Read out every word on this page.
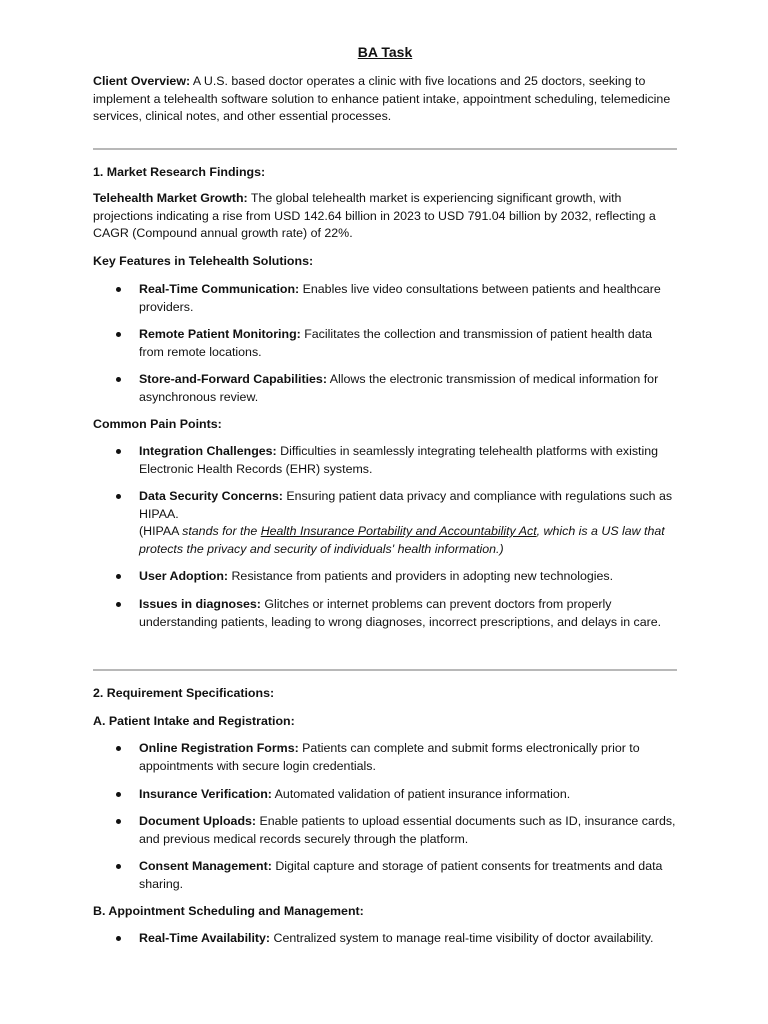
BA Task
Client Overview: A U.S. based doctor operates a clinic with five locations and 25 doctors, seeking to implement a telehealth software solution to enhance patient intake, appointment scheduling, telemedicine services, clinical notes, and other essential processes.
1. Market Research Findings:
Telehealth Market Growth: The global telehealth market is experiencing significant growth, with projections indicating a rise from USD 142.64 billion in 2023 to USD 791.04 billion by 2032, reflecting a CAGR (Compound annual growth rate) of 22%.
Key Features in Telehealth Solutions:
Real-Time Communication: Enables live video consultations between patients and healthcare providers.
Remote Patient Monitoring: Facilitates the collection and transmission of patient health data from remote locations.
Store-and-Forward Capabilities: Allows the electronic transmission of medical information for asynchronous review.
Common Pain Points:
Integration Challenges: Difficulties in seamlessly integrating telehealth platforms with existing Electronic Health Records (EHR) systems.
Data Security Concerns: Ensuring patient data privacy and compliance with regulations such as HIPAA.
(HIPAA stands for the Health Insurance Portability and Accountability Act, which is a US law that protects the privacy and security of individuals' health information.)
User Adoption: Resistance from patients and providers in adopting new technologies.
Issues in diagnoses: Glitches or internet problems can prevent doctors from properly understanding patients, leading to wrong diagnoses, incorrect prescriptions, and delays in care.
2. Requirement Specifications:
A. Patient Intake and Registration:
Online Registration Forms: Patients can complete and submit forms electronically prior to appointments with secure login credentials.
Insurance Verification: Automated validation of patient insurance information.
Document Uploads: Enable patients to upload essential documents such as ID, insurance cards, and previous medical records securely through the platform.
Consent Management: Digital capture and storage of patient consents for treatments and data sharing.
B. Appointment Scheduling and Management:
Real-Time Availability: Centralized system to manage real-time visibility of doctor availability.
